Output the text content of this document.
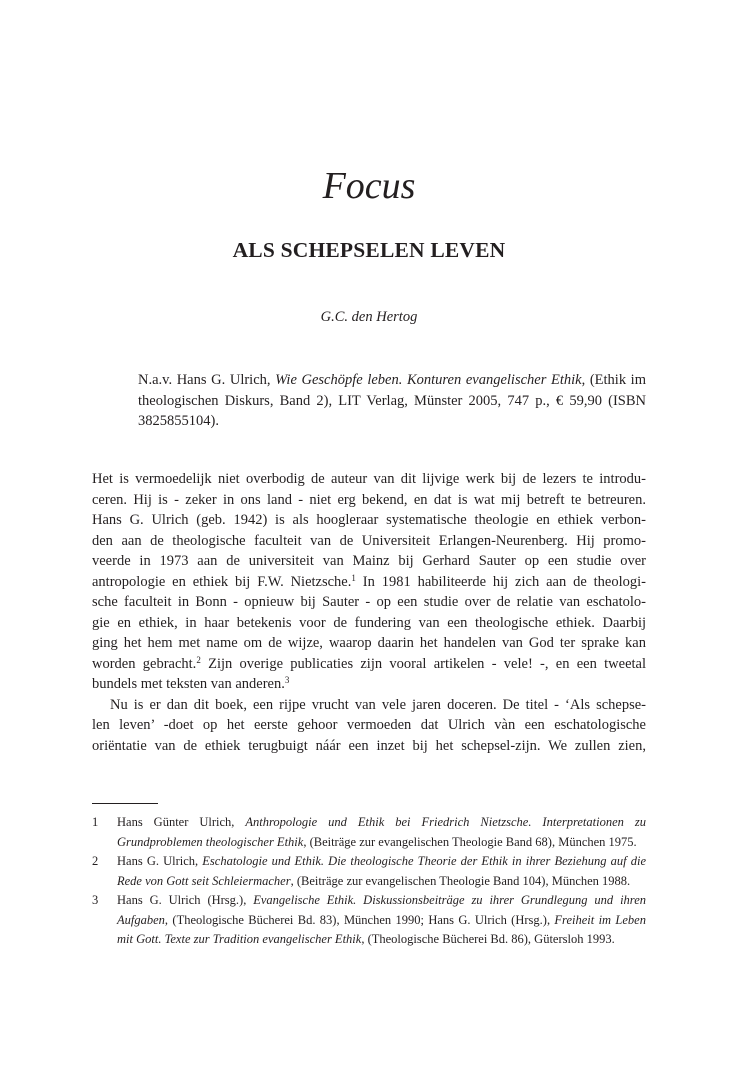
Focus
ALS SCHEPSELEN LEVEN
G.C. den Hertog
N.a.v. Hans G. Ulrich, Wie Geschöpfe leben. Konturen evangelischer Ethik, (Ethik im theologischen Diskurs, Band 2), LIT Verlag, Münster 2005, 747 p., € 59,90 (ISBN 3825855104).
Het is vermoedelijk niet overbodig de auteur van dit lijvige werk bij de lezers te introdu-
ceren. Hij is - zeker in ons land - niet erg bekend, en dat is wat mij betreft te betreuren.
Hans G. Ulrich (geb. 1942) is als hoogleraar systematische theologie en ethiek verbon-
den aan de theologische faculteit van de Universiteit Erlangen-Neurenberg. Hij promo-
veerde in 1973 aan de universiteit van Mainz bij Gerhard Sauter op een studie over
antropologie en ethiek bij F.W. Nietzsche.$^1$ In 1981 habiliteerde hij zich aan de theologi-
sche faculteit in Bonn - opnieuw bij Sauter - op een studie over de relatie van eschatolo-
gie en ethiek, in haar betekenis voor de fundering van een theologische ethiek. Daarbij
ging het hem met name om de wijze, waarop daarin het handelen van God ter sprake kan
worden gebracht.$^2$ Zijn overige publicaties zijn vooral artikelen - vele! -, en een tweetal
bundels met teksten van anderen.$^3$
Nu is er dan dit boek, een rijpe vrucht van vele jaren doceren. De titel - ‘Als schepse-
len leven’ -doet op het eerste gehoor vermoeden dat Ulrich vàn een eschatologische
oriëntatie van de ethiek terugbuigt náár een inzet bij het schepsel-zijn. We zullen zien,
1 Hans Günter Ulrich, Anthropologie und Ethik bei Friedrich Nietzsche. Interpretationen zu Grundproblemen theologischer Ethik, (Beiträge zur evangelischen Theologie Band 68), München 1975.
2 Hans G. Ulrich, Eschatologie und Ethik. Die theologische Theorie der Ethik in ihrer Beziehung auf die Rede von Gott seit Schleiermacher, (Beiträge zur evangelischen Theologie Band 104), München 1988.
3 Hans G. Ulrich (Hrsg.), Evangelische Ethik. Diskussionsbeiträge zu ihrer Grundlegung und ihren Aufgaben, (Theologische Bücherei Bd. 83), München 1990; Hans G. Ulrich (Hrsg.), Freiheit im Leben mit Gott. Texte zur Tradition evangelischer Ethik, (Theologische Bücherei Bd. 86), Gütersloh 1993.
